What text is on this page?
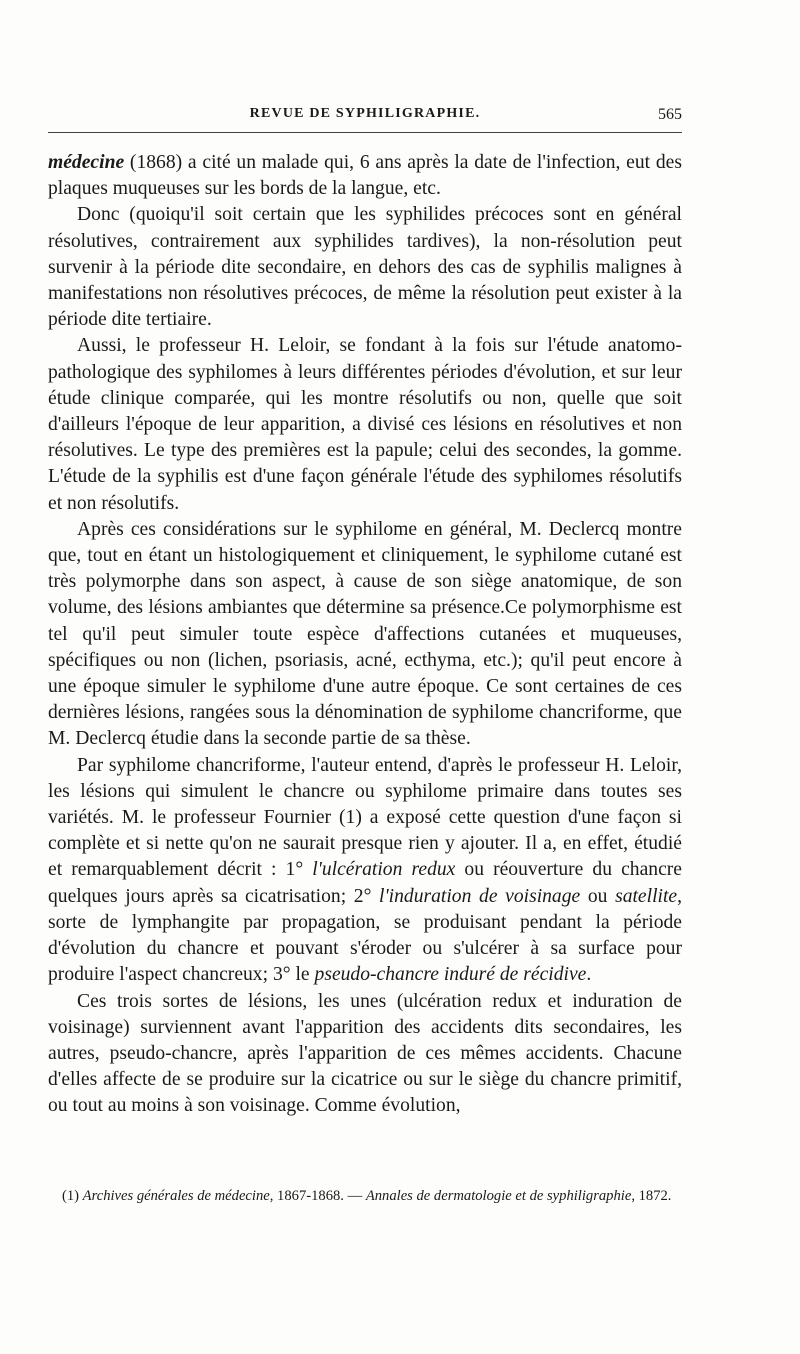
REVUE DE SYPHILIGRAPHIE.	565

médecine (1868) a cité un malade qui, 6 ans après la date de l'infection, eut des plaques muqueuses sur les bords de la langue, etc.

Donc (quoiqu'il soit certain que les syphilides précoces sont en général résolutives, contrairement aux syphilides tardives), la non-résolution peut survenir à la période dite secondaire, en dehors des cas de syphilis malignes à manifestations non résolutives précoces, de même la résolution peut exister à la période dite tertiaire.

Aussi, le professeur H. Leloir, se fondant à la fois sur l'étude anatomo-pathologique des syphilomes à leurs différentes périodes d'évolution, et sur leur étude clinique comparée, qui les montre résolutifs ou non, quelle que soit d'ailleurs l'époque de leur apparition, a divisé ces lésions en résolutives et non résolutives. Le type des premières est la papule; celui des secondes, la gomme. L'étude de la syphilis est d'une façon générale l'étude des syphilomes résolutifs et non résolutifs.

Après ces considérations sur le syphilome en général, M. Declercq montre que, tout en étant un histologiquement et cliniquement, le syphilome cutané est très polymorphe dans son aspect, à cause de son siège anatomique, de son volume, des lésions ambiantes que détermine sa présence.Ce polymorphisme est tel qu'il peut simuler toute espèce d'affections cutanées et muqueuses, spécifiques ou non (lichen, psoriasis, acné, ecthyma, etc.); qu'il peut encore à une époque simuler le syphilome d'une autre époque. Ce sont certaines de ces dernières lésions, rangées sous la dénomination de syphilome chancriforme, que M. Declercq étudie dans la seconde partie de sa thèse.

Par syphilome chancriforme, l'auteur entend, d'après le professeur H. Leloir, les lésions qui simulent le chancre ou syphilome primaire dans toutes ses variétés. M. le professeur Fournier (1) a exposé cette question d'une façon si complète et si nette qu'on ne saurait presque rien y ajouter. Il a, en effet, étudié et remarquablement décrit : 1° l'ulcération redux ou réouverture du chancre quelques jours après sa cicatrisation; 2° l'induration de voisinage ou satellite, sorte de lymphangite par propagation, se produisant pendant la période d'évolution du chancre et pouvant s'éroder ou s'ulcérer à sa surface pour produire l'aspect chancreux; 3° le pseudo-chancre induré de récidive.

Ces trois sortes de lésions, les unes (ulcération redux et induration de voisinage) surviennent avant l'apparition des accidents dits secondaires, les autres, pseudo-chancre, après l'apparition de ces mêmes accidents. Chacune d'elles affecte de se produire sur la cicatrice ou sur le siège du chancre primitif, ou tout au moins à son voisinage. Comme évolution,

(1) Archives générales de médecine, 1867-1868. — Annales de dermatologie et de syphiligraphie, 1872.
